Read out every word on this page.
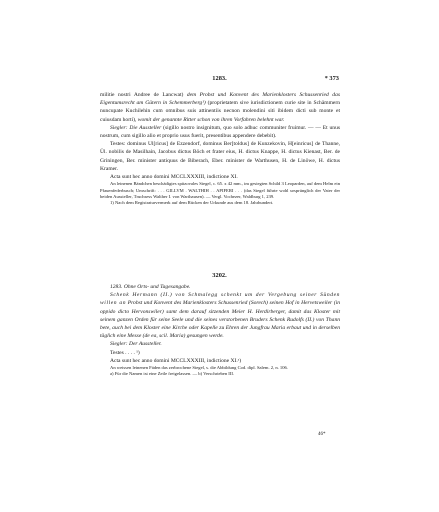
1283.	* 373

militie nostri Andree de Lancwat) dem Probst und Konvent des Marienklosters Schussenried das Eigentumsrecht am Gütern in Schemmerberg¹) (proprietatem sive iurisdictionem curie site in Schämmern nuncupate Kuchilehin cum omnibus suis attinentiis necnon molendini siti ibidem dicti sub monte et cuiusdam horti), womit der genannte Ritter schon von ihren Vorfahren belehnt war.

Siegler: Die Aussteller (sigillo nostro insignitum, quo solo adhuc communiter fruimur. — — Et unus nostrum, cum sigillo alio et proprio usus fuerit, presentibus appendere debebit).

Testes: dominus Ul[ricus] de Ezzendorf, dominus Ber[toldus] de Kunzekovin, H[einricus] de Thanne, Ül. nobilis de Masilhain, Jacobus dictus Böch et frater eius, H. dictus Knappe, H. dictus Kienast, Ber. de Griningen, Ber. minister antiquus de Biberach, Eber. minister de Warthusen, H. de Linöwe, H. dictus Kramer.

Acta sunt hec anno domini MCCLXXXIII, indictione XI.

An leinenen Bändchen beschädigtes spitzovales Siegel, c. 65. x 42 mm., im gesiegten Schild 3 Leoparden, auf dem Helm ein Pfauenfederbusch; Umschrift: . . . GILLVM . WALTHIH . . APIFERI . . . (das Siegel führte wohl ursprünglich der Vater der beiden Aussteller, Truchsess Walther I. von Warthausen). — Vergl. Vochezer, Waldburg 1, 239.

1) Nach dem Registraturvermerk auf dem Rücken der Urkunde aus dem 18. Jahrhundert.

3202.

1283. Ohne Orts- und Tagesangabe.

Schenk Hermann (II.) von Schmalegg schenkt um der Vergebung seiner Sünden willen an Probst und Konvent des Marienklosters Schussenried (Sorech) seinen Hof in Hervetsweiler (in oppido dicto Hervonswiler) samt dem darauf sitzenden Meier H. Herdirberger, damit das Kloster mit seinem ganzen Orden für seine Seele und die seines verstorbenen Bruders Schenk Rudolfs (II.) von Thann bete, auch bei dem Kloster eine Kirche oder Kapelle zu Ehren der Jungfrau Maria erbaut und in derselben täglich eine Messe (de ea, scil. Maria) gesungen werde.

Siegler: Der Aussteller.

Testes . . . . ¹)

Acta sunt hec anno domini MCCLXXXIII, indictione XI.ᵃ)

An weissen leinenen Fäden das zerbrochene Siegel, s. die Abbildung Cod. dipl. Salem. 2, n. 106.

a) Für die Namen ist eine Zeile freigelassen. — b) Verschrieben III.

46*
